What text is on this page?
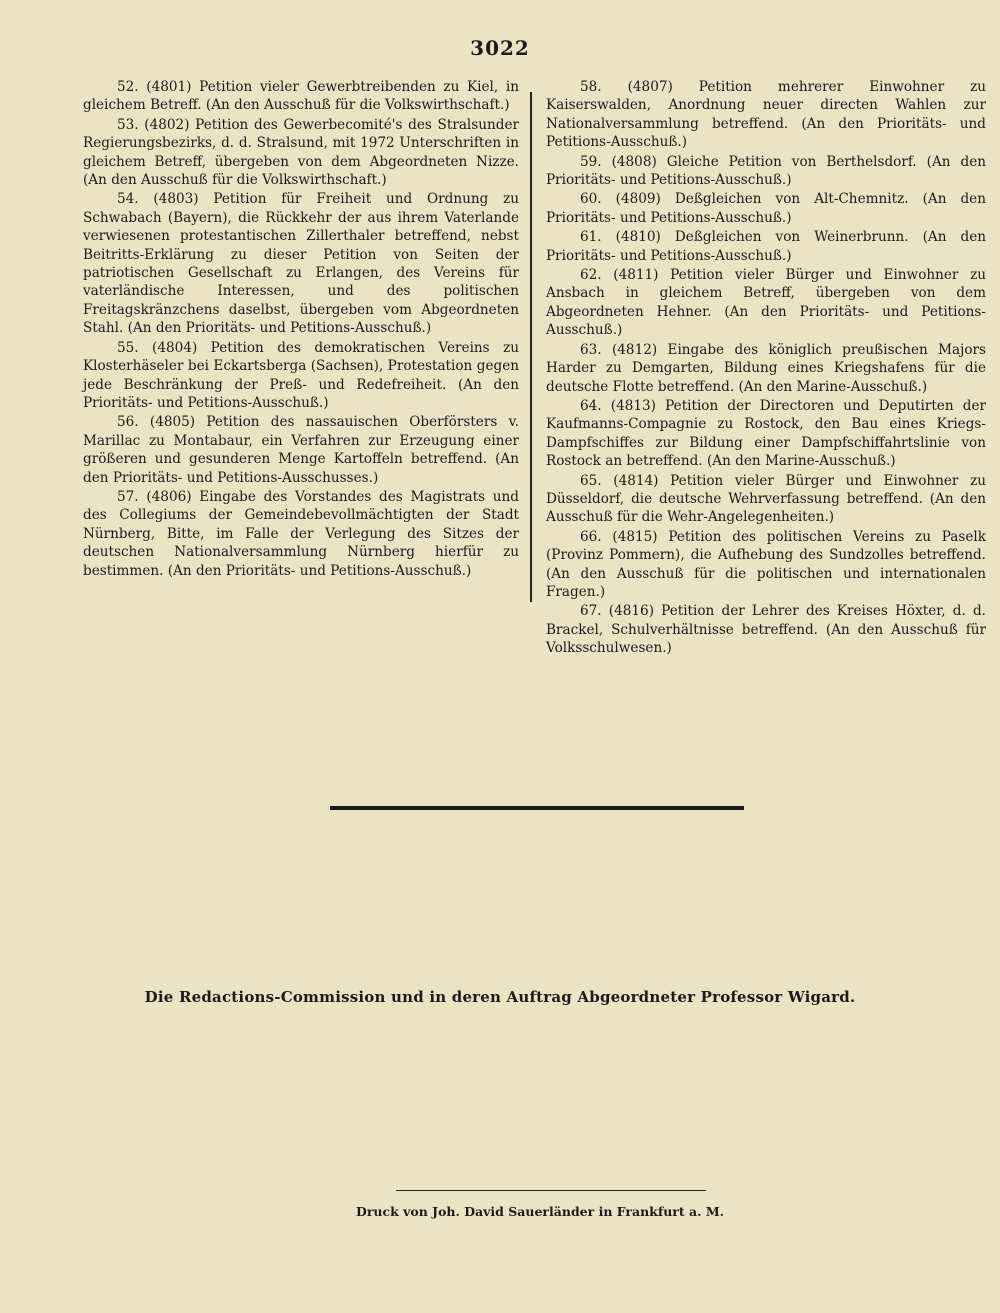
3022

52. (4801) Petition vieler Gewerbtreibenden zu Kiel, in gleichem Betreff. (An den Ausschuß für die Volkswirthschaft.)

53. (4802) Petition des Gewerbecomité's des Stralsunder Regierungsbezirks, d. d. Stralsund, mit 1972 Unterschriften in gleichem Betreff, übergeben von dem Abgeordneten Nizze. (An den Ausschuß für die Volkswirthschaft.)

54. (4803) Petition für Freiheit und Ordnung zu Schwabach (Bayern), die Rückkehr der aus ihrem Vaterlande verwiesenen protestantischen Zillerthaler betreffend, nebst Beitritts-Erklärung zu dieser Petition von Seiten der patriotischen Gesellschaft zu Erlangen, des Vereins für vaterländische Interessen, und des politischen Freitagskränzchens daselbst, übergeben vom Abgeordneten Stahl. (An den Prioritäts- und Petitions-Ausschuß.)

55. (4804) Petition des demokratischen Vereins zu Klosterhäseler bei Eckartsberga (Sachsen), Protestation gegen jede Beschränkung der Preß- und Redefreiheit. (An den Prioritäts- und Petitions-Ausschuß.)

56. (4805) Petition des nassauischen Oberförsters v. Marillac zu Montabaur, ein Verfahren zur Erzeugung einer größeren und gesunderen Menge Kartoffeln betreffend. (An den Prioritäts- und Petitions-Ausschusses.)

57. (4806) Eingabe des Vorstandes des Magistrats und des Collegiums der Gemeindebevollmächtigten der Stadt Nürnberg, Bitte, im Falle der Verlegung des Sitzes der deutschen Nationalversammlung Nürnberg hierfür zu bestimmen. (An den Prioritäts- und Petitions-Ausschuß.)

58. (4807) Petition mehrerer Einwohner zu Kaiserswalden, Anordnung neuer directen Wahlen zur Nationalversammlung betreffend. (An den Prioritäts- und Petitions-Ausschuß.)

59. (4808) Gleiche Petition von Berthelsdorf. (An den Prioritäts- und Petitions-Ausschuß.)

60. (4809) Deßgleichen von Alt-Chemnitz. (An den Prioritäts- und Petitions-Ausschuß.)

61. (4810) Deßgleichen von Weinerbrunn. (An den Prioritäts- und Petitions-Ausschuß.)

62. (4811) Petition vieler Bürger und Einwohner zu Ansbach in gleichem Betreff, übergeben von dem Abgeordneten Hehner. (An den Prioritäts- und Petitions-Ausschuß.)

63. (4812) Eingabe des königlich preußischen Majors Harder zu Demgarten, Bildung eines Kriegshafens für die deutsche Flotte betreffend. (An den Marine-Ausschuß.)

64. (4813) Petition der Directoren und Deputirten der Kaufmanns-Compagnie zu Rostock, den Bau eines Kriegs-Dampfschiffes zur Bildung einer Dampfschiffahrtslinie von Rostock an betreffend. (An den Marine-Ausschuß.)

65. (4814) Petition vieler Bürger und Einwohner zu Düsseldorf, die deutsche Wehrverfassung betreffend. (An den Ausschuß für die Wehr-Angelegenheiten.)

66. (4815) Petition des politischen Vereins zu Paselk (Provinz Pommern), die Aufhebung des Sundzolles betreffend. (An den Ausschuß für die politischen und internationalen Fragen.)

67. (4816) Petition der Lehrer des Kreises Höxter, d. d. Brackel, Schulverhältnisse betreffend. (An den Ausschuß für Volksschulwesen.)

Die Redactions-Commission und in deren Auftrag Abgeordneter Professor Wigard.
Druck von Joh. David Sauerländer in Frankfurt a. M.
